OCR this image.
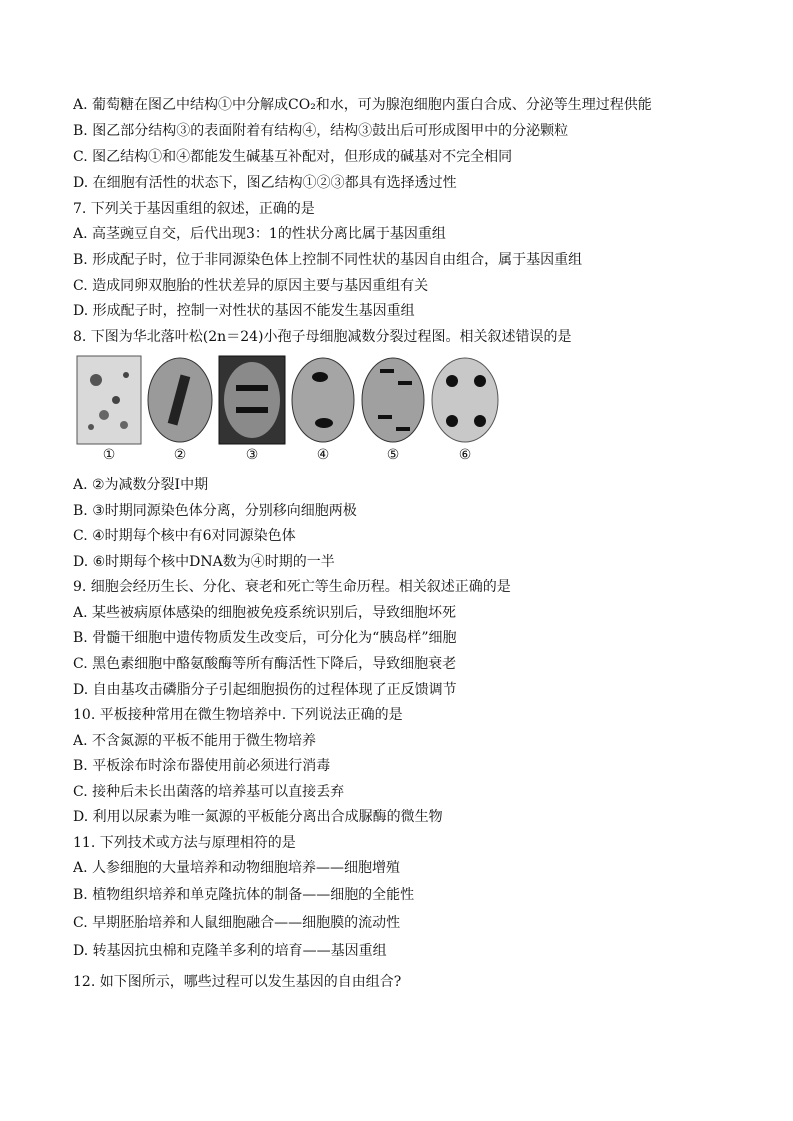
A. 葡萄糖在图乙中结构①中分解成CO₂和水，可为腺泡细胞内蛋白合成、分泌等生理过程供能
B. 图乙部分结构③的表面附着有结构④，结构③鼓出后可形成图甲中的分泌颗粒
C. 图乙结构①和④都能发生碱基互补配对，但形成的碱基对不完全相同
D. 在细胞有活性的状态下，图乙结构①②③都具有选择透过性
7. 下列关于基因重组的叙述，正确的是
A. 高茎豌豆自交，后代出现3：1的性状分离比属于基因重组
B. 形成配子时，位于非同源染色体上控制不同性状的基因自由组合，属于基因重组
C. 造成同卵双胞胎的性状差异的原因主要与基因重组有关
D. 形成配子时，控制一对性状的基因不能发生基因重组
8. 下图为华北落叶松(2n＝24)小孢子母细胞减数分裂过程图。相关叙述错误的是
①	②	③	④	⑤	⑥
A. ②为减数分裂Ⅰ中期
B. ③时期同源染色体分离，分别移向细胞两极
C. ④时期每个核中有6对同源染色体
D. ⑥时期每个核中DNA数为④时期的一半
9. 细胞会经历生长、分化、衰老和死亡等生命历程。相关叙述正确的是
A. 某些被病原体感染的细胞被免疫系统识别后，导致细胞坏死
B. 骨髓干细胞中遗传物质发生改变后，可分化为“胰岛样”细胞
C. 黑色素细胞中酪氨酸酶等所有酶活性下降后，导致细胞衰老
D. 自由基攻击磷脂分子引起细胞损伤的过程体现了正反馈调节
10. 平板接种常用在微生物培养中. 下列说法正确的是
A. 不含氮源的平板不能用于微生物培养
B. 平板涂布时涂布器使用前必须进行消毒
C. 接种后未长出菌落的培养基可以直接丢弃
D. 利用以尿素为唯一氮源的平板能分离出合成脲酶的微生物
11. 下列技术或方法与原理相符的是
A. 人参细胞的大量培养和动物细胞培养——细胞增殖
B. 植物组织培养和单克隆抗体的制备——细胞的全能性
C. 早期胚胎培养和人鼠细胞融合——细胞膜的流动性
D. 转基因抗虫棉和克隆羊多利的培育——基因重组
12. 如下图所示，哪些过程可以发生基因的自由组合?
